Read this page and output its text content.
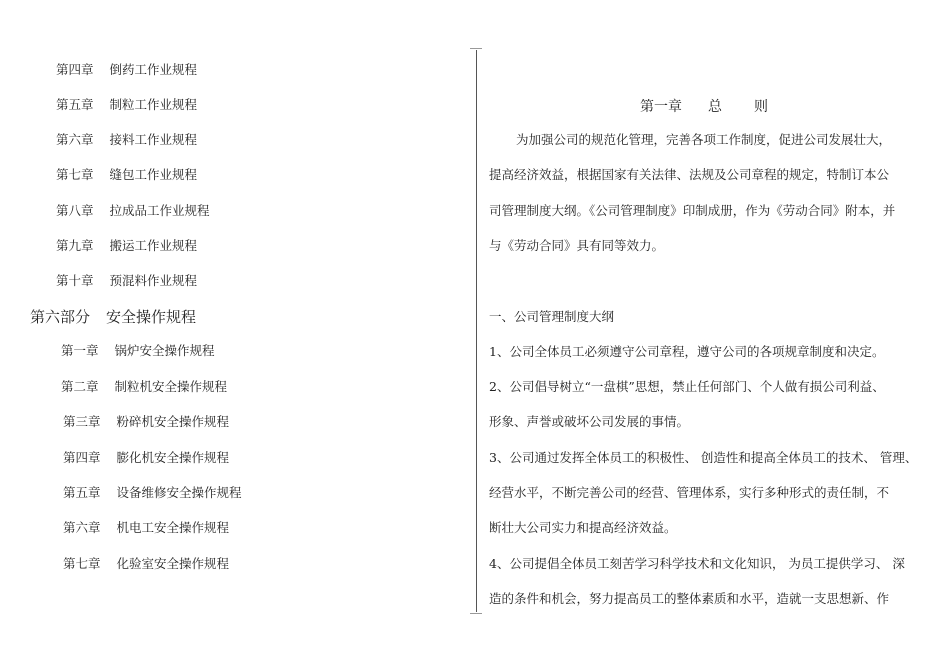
第四章 倒药工作业规程
第五章 制粒工作业规程
第六章 接料工作业规程
第七章 缝包工作业规程
第八章 拉成品工作业规程
第九章 搬运工作业规程
第十章 预混料作业规程
第六部分 安全操作规程
第一章 锅炉安全操作规程
第二章 制粒机安全操作规程
第三章 粉碎机安全操作规程
第四章 膨化机安全操作规程
第五章 设备维修安全操作规程
第六章 机电工安全操作规程
第七章 化验室安全操作规程
第一章 总 则
为加强公司的规范化管理，完善各项工作制度，促进公司发展壮大，
提高经济效益，根据国家有关法律、法规及公司章程的规定，特制订本公
司管理制度大纲。《公司管理制度》印制成册，作为《劳动合同》附本，并
与《劳动合同》具有同等效力。
一、公司管理制度大纲
1、公司全体员工必须遵守公司章程，遵守公司的各项规章制度和决定。
2、公司倡导树立“一盘棋”思想，禁止任何部门、个人做有损公司利益、
形象、声誉或破坏公司发展的事情。
3、公司通过发挥全体员工的积极性、 创造性和提高全体员工的技术、 管理、
经营水平，不断完善公司的经营、管理体系，实行多种形式的责任制，不
断壮大公司实力和提高经济效益。
4、公司提倡全体员工刻苦学习科学技术和文化知识， 为员工提供学习、 深
造的条件和机会，努力提高员工的整体素质和水平，造就一支思想新、作
